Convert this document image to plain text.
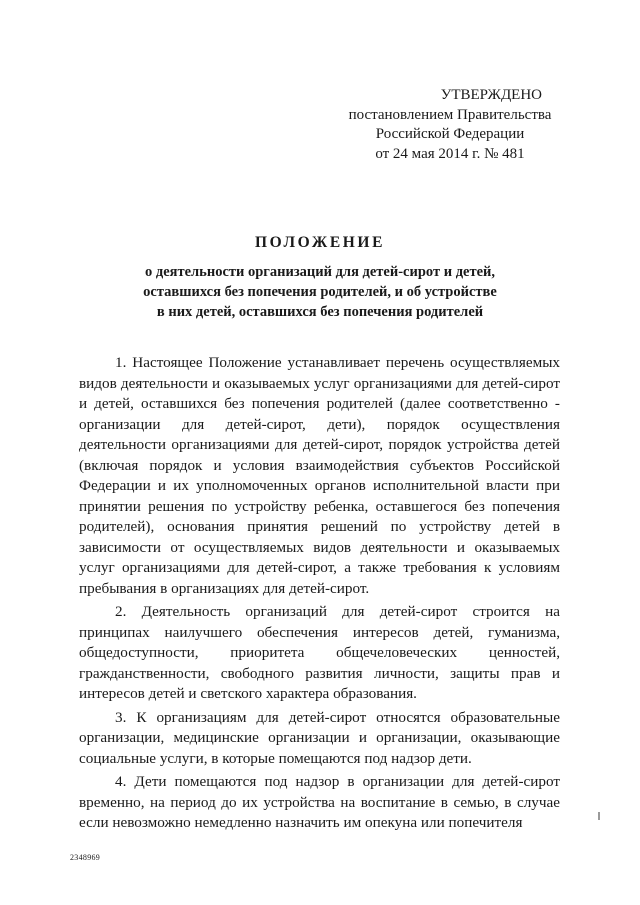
УТВЕРЖДЕНО
постановлением Правительства
Российской Федерации
от 24 мая 2014 г. № 481
ПОЛОЖЕНИЕ
о деятельности организаций для детей-сирот и детей,
оставшихся без попечения родителей, и об устройстве
в них детей, оставшихся без попечения родителей

1. Настоящее Положение устанавливает перечень осуществляемых видов деятельности и оказываемых услуг организациями для детей-сирот и детей, оставшихся без попечения родителей (далее соответственно - организации для детей-сирот, дети), порядок осуществления деятельности организациями для детей-сирот, порядок устройства детей (включая порядок и условия взаимодействия субъектов Российской Федерации и их уполномоченных органов исполнительной власти при принятии решения по устройству ребенка, оставшегося без попечения родителей), основания принятия решений по устройству детей в зависимости от осуществляемых видов деятельности и оказываемых услуг организациями для детей-сирот, а также требования к условиям пребывания в организациях для детей-сирот.

2. Деятельность организаций для детей-сирот строится на принципах наилучшего обеспечения интересов детей, гуманизма, общедоступности, приоритета общечеловеческих ценностей, гражданственности, свободного развития личности, защиты прав и интересов детей и светского характера образования.

3. К организациям для детей-сирот относятся образовательные организации, медицинские организации и организации, оказывающие социальные услуги, в которые помещаются под надзор дети.

4. Дети помещаются под надзор в организации для детей-сирот временно, на период до их устройства на воспитание в семью, в случае если невозможно немедленно назначить им опекуна или попечителя

2348969
